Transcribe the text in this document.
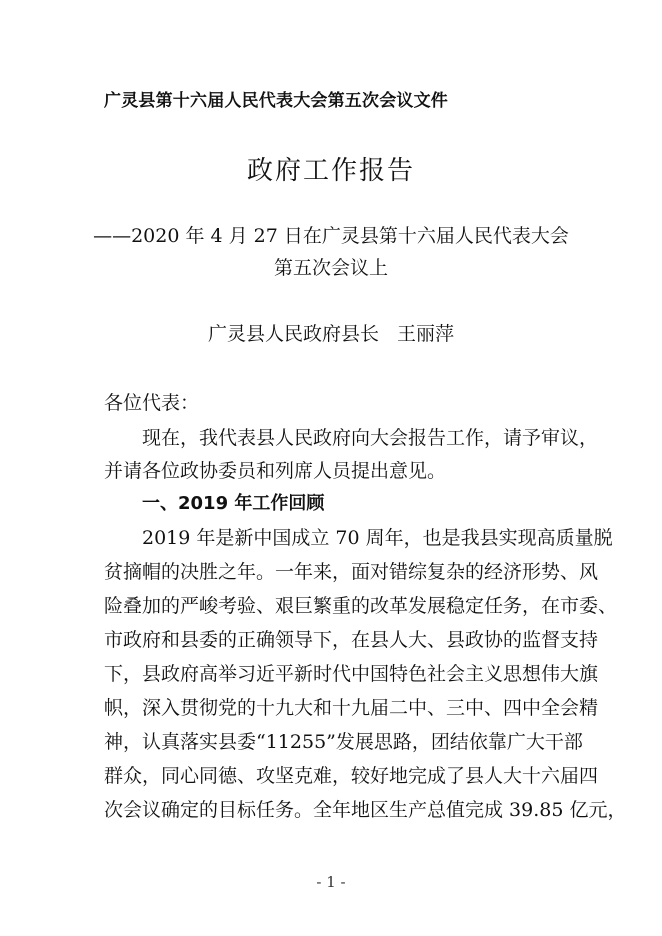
广灵县第十六届人民代表大会第五次会议文件
政府工作报告
——2020 年 4 月 27 日在广灵县第十六届人民代表大会
第五次会议上
广灵县人民政府县长   王丽萍
各位代表：
现在，我代表县人民政府向大会报告工作，请予审议，
并请各位政协委员和列席人员提出意见。
一、2019 年工作回顾
2019 年是新中国成立 70 周年，也是我县实现高质量脱
贫摘帽的决胜之年。一年来，面对错综复杂的经济形势、风
险叠加的严峻考验、艰巨繁重的改革发展稳定任务，在市委、
市政府和县委的正确领导下，在县人大、县政协的监督支持
下，县政府高举习近平新时代中国特色社会主义思想伟大旗
帜，深入贯彻党的十九大和十九届二中、三中、四中全会精
神，认真落实县委“11255”发展思路，团结依靠广大干部
群众，同心同德、攻坚克难，较好地完成了县人大十六届四
次会议确定的目标任务。全年地区生产总值完成 39.85 亿元，
- 1 -
